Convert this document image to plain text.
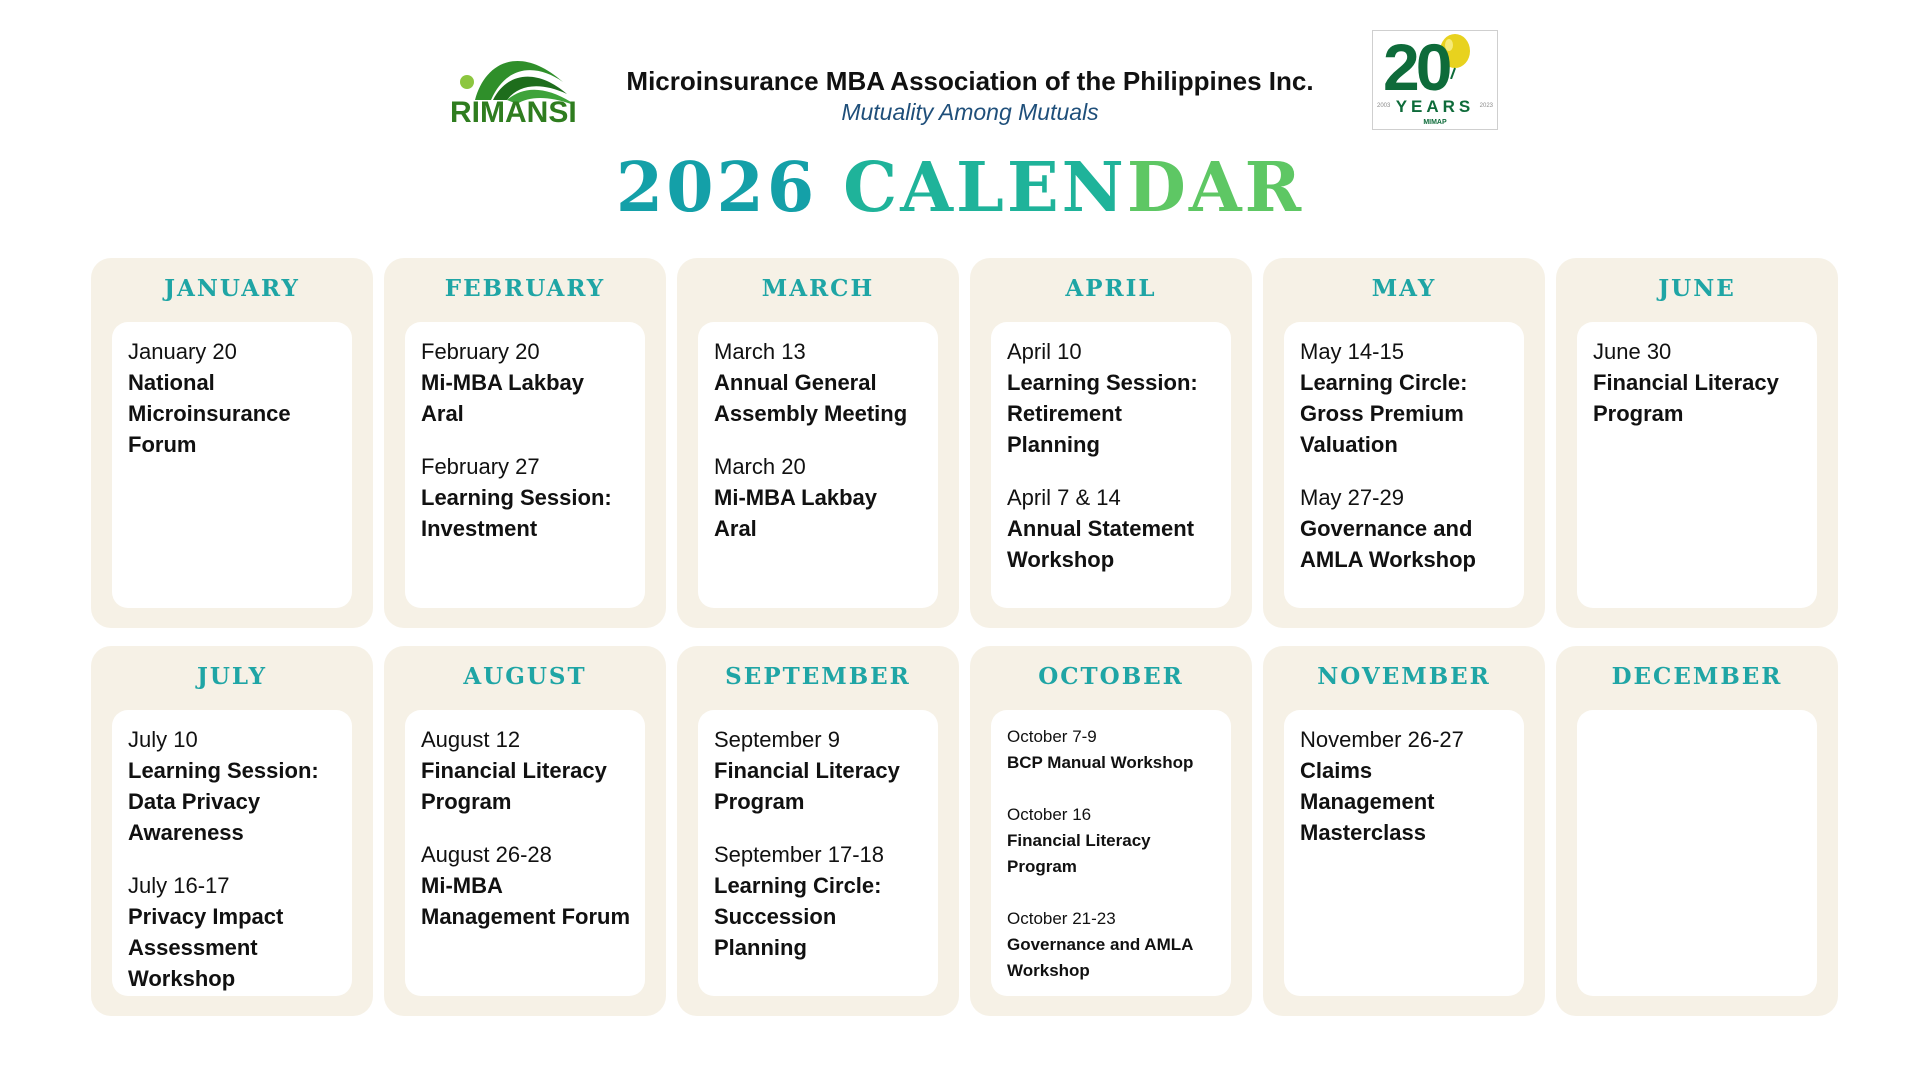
RIMANSI
Microinsurance MBA Association of the Philippines Inc.
Mutuality Among Mutuals
20
2003	2023
YEARS
MIMAP
2026 CALENDAR
JANUARY
January 20
National Microinsurance Forum
FEBRUARY
February 20
Mi-MBA Lakbay Aral
February 27
Learning Session: Investment
MARCH
March 13
Annual General Assembly Meeting
March 20
Mi-MBA Lakbay Aral
APRIL
April 10
Learning Session: Retirement Planning
April 7 & 14
Annual Statement Workshop
MAY
May 14-15
Learning Circle: Gross Premium Valuation
May 27-29
Governance and AMLA Workshop
JUNE
June 30
Financial Literacy Program
JULY
July 10
Learning Session: Data Privacy Awareness
July 16-17
Privacy Impact Assessment Workshop
AUGUST
August 12
Financial Literacy Program
August 26-28
Mi-MBA Management Forum
SEPTEMBER
September 9
Financial Literacy Program
September 17-18
Learning Circle: Succession Planning
OCTOBER
October 7-9
BCP Manual Workshop
October 16
Financial Literacy Program
October 21-23
Governance and AMLA Workshop
NOVEMBER
November 26-27
Claims Management Masterclass
DECEMBER
